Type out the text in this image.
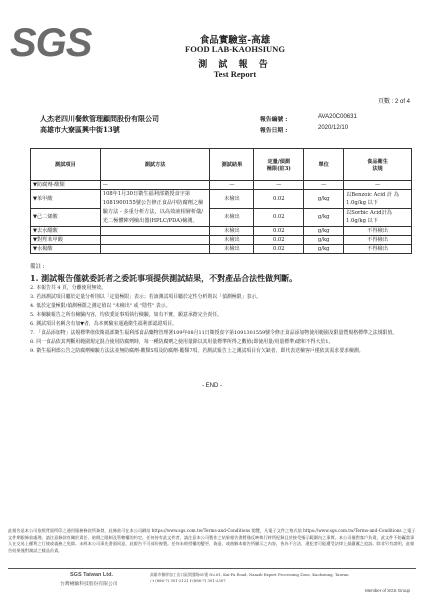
SGS	食品實驗室-高雄
FOOD LAB-KAOHSIUNG
測 試 報 告
Test Report
頁數 : 2 of 4
人杰老四川餐飲管理顧問股份有限公司
高雄市大寮區興中街13號
報告編號 :	AVA20C00631
報告日期 :	2020/12/10
測試項目	測試方法	測試結果	定量/偵測
極限(註3)	單位	食品衛生
法規
▼防腐劑-酸類	—	—	—	—	—
▼苯甲酸	108年1月30日衛生福利部衛授食字第1081900155號公告修正食品中防腐劑之檢驗方法 - 多重分析方法，以高效液相層析儀/光二極體陣列檢出器(HPLC/PDA)檢測。	未檢出	0.02	g/kg	以Benzoic Acid 計 為1.0g/kg 以下
▼己二烯酸		未檢出	0.02	g/kg	以Sorbic Acid計為 1.0g/kg 以下
▼去水醋酸		未檢出	0.02	g/kg	不得檢出
▼對羥苯甲酸		未檢出	0.02	g/kg	不得檢出
▼水楊酸		未檢出	0.02	g/kg	不得檢出
備註 :
1. 測試報告僅就委託者之委託事項提供測試結果，不對產品合法性做判斷。
2. 本報告共 4 頁，分離使用無效。
3. 若該測試項目屬於定量分析則以「定量極限」表示；若該測試項目屬於定性分析則以「偵測極限」表示。
4. 低於定量極限/偵測極限之測定值以 "未檢出" 或 "陰性" 表示。
5. 本檢驗報告之所有檢驗內容，均依委託事項執行檢驗，如有不實，願意承擔完全責任。
6. 測試項目名稱含有加▼者，為本實驗室通過衛生福利部認證項目。
7. 「食品添加物」法規標準值依衛福部衛生福利部食品藥物管理署109年08月11日衛授食字第1091301559號令修正食品添加物使用範圍及限量暨規格標準之法規限值。
8. 同一食品依其判斷用範圍規定混合使用防腐劑時，每一種防腐劑之使用量除以其用量標準所得之數值(即使用量/用量標準)總和不得大於1。
9. 衛生福利部公告之防腐劑檢驗方法法並無防腐劑-酸類5項及防腐劑-酯類7項，若測試報告上之測試項目有欠缺者，即代表送檢客戶僅依其需求要求檢測。
- END -
此報告是本公司依照背面所印之通用服務條款所簽發，此條款可在本公司網站 https://www.sgs.com.tw/Terms-and-Conditions 閱覽，凡電子文件之格式依 https://www.sgs.com.tw/Terms-and-Conditions 之電子文件期限條款處理。請注意條款有關於責任、賠償之限制及管轄權的約定。任何持有此文件者，請注意本公司製作之結果報告書將僅反映執行時所紀錄且於接受指示範圍內之事實。本公司僅對客戶負責，此文件不妨礙當事人在交易上權利之行使或義務之免除。未經本公司事先書面同意，此報告不可部份複製。任何未經授權的變更、偽造、或曲解本報告所顯示之內容，皆為不合法，違犯者可能遭受法律上最嚴厲之追訴。除非另有說明，此報告結果僅對測試之樣品負責。
SGS Taiwan Ltd.
台灣檢驗科技股份有限公司
高雄市楠梓加工出口區開發路61號 No.61, Kai-Fa Road, Nanzih Export Processing Zone, Kaohsiung, Taiwan / t (886-7) 301-2121 f (886-7) 301-2307
Member of SGS Group
